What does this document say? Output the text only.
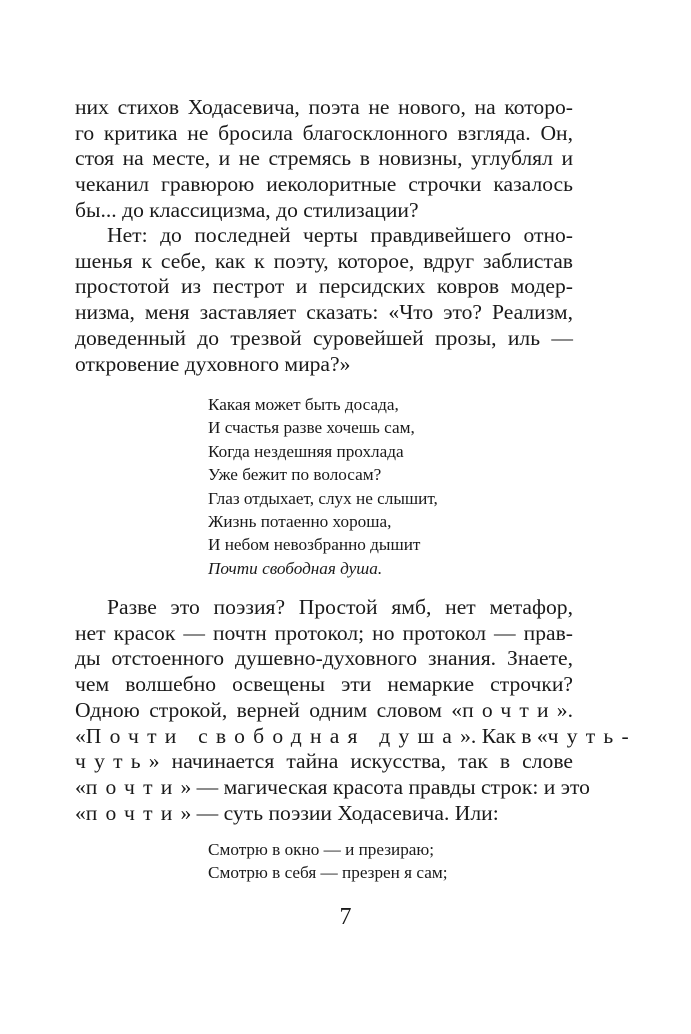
них стихов Ходасевича, поэта не нового, на которо-
го критика не бросила благосклонного взгляда. Он,
стоя на месте, и не стремясь в новизны, углублял и
чеканил гравюрою иеколоритные строчки казалось
бы... до классицизма, до стилизации?
Нет: до последней черты правдивейшего отно-
шенья к себе, как к поэту, которое, вдруг заблистав
простотой из пестрот и персидских ковров модер-
низма, меня заставляет сказать: «Что это? Реализм,
доведенный до трезвой суровейшей прозы, иль —
откровение духовного мира?»
Какая может быть досада,
И счастья разве хочешь сам,
Когда нездешняя прохлада
Уже бежит по волосам?
Глаз отдыхает, слух не слышит,
Жизнь потаенно хороша,
И небом невозбранно дышит
Почти свободная душа.
Разве это поэзия? Простой ямб, нет метафор,
нет красок — почтн протокол; но протокол — прав-
ды отстоенного душевно-духовного знания. Знаете,
чем волшебно освещены эти немаркие строчки?
Одною строкой, верней одним словом «почти».
«Почти свободная душа». Как в «чуть-
чуть» начинается тайна искусства, так в слове
«почти» — магическая красота правды строк: и это
«почти» — суть поэзии Ходасевича. Или:
Смотрю в окно — и презираю;
Смотрю в себя — презрен я сам;
7
